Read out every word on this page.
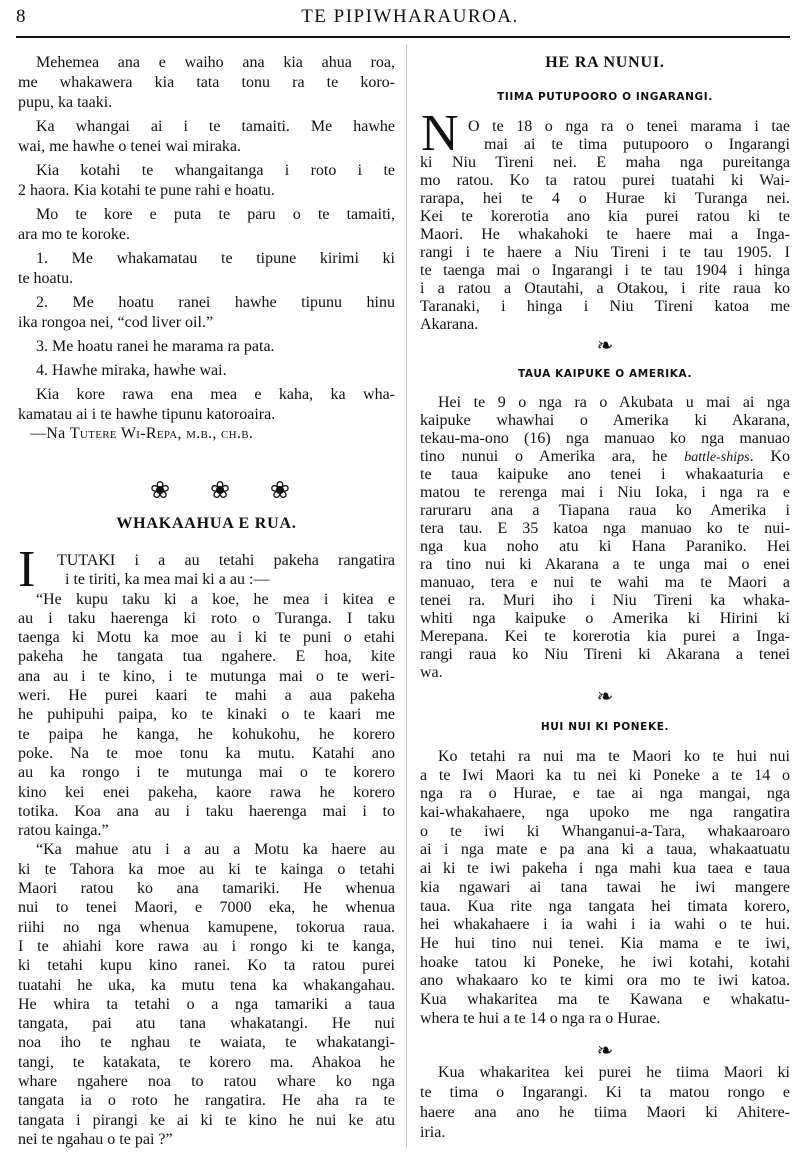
8	TE PIPIWHARAUROA.
Mehemea ana e waiho ana kia ahua roa,
me whakawera kia tata tonu ra te koro-
pupu, ka taaki.
Ka whangai ai i te tamaiti. Me hawhe
wai, me hawhe o tenei wai miraka.
Kia kotahi te whangaitanga i roto i te
2 haora. Kia kotahi te pune rahi e hoatu.
Mo te kore e puta te paru o te tamaiti,
ara mo te koroke.
1. Me whakamatau te tipune kirimi ki
te hoatu.
2. Me hoatu ranei hawhe tipunu hinu
ika rongoa nei, “cod liver oil.”
3. Me hoatu ranei he marama ra pata.
4. Hawhe miraka, hawhe wai.
Kia kore rawa ena mea e kaha, ka wha-
kamatau ai i te hawhe tipunu katoroaira.
—Na Tutere Wi-Repa, m.b., ch.b.
❀ ❀ ❀
WHAKAAHUA E RUA.
I	TUTAKI i a au tetahi pakeha rangatira
i te tiriti, ka mea mai ki a au :—
“He kupu taku ki a koe, he mea i kitea e
au i taku haerenga ki roto o Turanga. I taku
taenga ki Motu ka moe au i ki te puni o etahi
pakeha he tangata tua ngahere. E hoa, kite
ana au i te kino, i te mutunga mai o te weri-
weri. He purei kaari te mahi a aua pakeha
he puhipuhi paipa, ko te kinaki o te kaari me
te paipa he kanga, he kohukohu, he korero
poke. Na te moe tonu ka mutu. Katahi ano
au ka rongo i te mutunga mai o te korero
kino kei enei pakeha, kaore rawa he korero
totika. Koa ana au i taku haerenga mai i to
ratou kainga.”
“Ka mahue atu i a au a Motu ka haere au
ki te Tahora ka moe au ki te kainga o tetahi
Maori ratou ko ana tamariki. He whenua
nui to tenei Maori, e 7000 eka, he whenua
riihi no nga whenua kamupene, tokorua raua.
I te ahiahi kore rawa au i rongo ki te kanga,
ki tetahi kupu kino ranei. Ko ta ratou purei
tuatahi he uka, ka mutu tena ka whakangahau.
He whira ta tetahi o a nga tamariki a taua
tangata, pai atu tana whakatangi. He nui
noa iho te nghau te waiata, te whakatangi-
tangi, te katakata, te korero ma. Ahakoa he
whare ngahere noa to ratou whare ko nga
tangata ia o roto he rangatira. He aha ra te
tangata i pirangi ke ai ki te kino he nui ke atu
nei te ngahau o te pai ?”
HE RA NUNUI.
TIIMA PUTUPOORO O INGARANGI.
N O te 18 o nga ra o tenei marama i tae
mai ai te tima putupooro o Ingarangi
ki Niu Tireni nei. E maha nga pureitanga
mo ratou. Ko ta ratou purei tuatahi ki Wai-
rarapa, hei te 4 o Hurae ki Turanga nei.
Kei te korerotia ano kia purei ratou ki te
Maori. He whakahoki te haere mai a Inga-
rangi i te haere a Niu Tireni i te tau 1905. I
te taenga mai o Ingarangi i te tau 1904 i hinga
i a ratou a Otautahi, a Otakou, i rite raua ko
Taranaki, i hinga i Niu Tireni katoa me
Akarana.
❧
TAUA KAIPUKE O AMERIKA.
Hei te 9 o nga ra o Akubata u mai ai nga
kaipuke whawhai o Amerika ki Akarana,
tekau-ma-ono (16) nga manuao ko nga manuao
tino nunui o Amerika ara, he battle-ships. Ko
te taua kaipuke ano tenei i whakaaturia e
matou te rerenga mai i Niu Ioka, i nga ra e
raruraru ana a Tiapana raua ko Amerika i
tera tau. E 35 katoa nga manuao ko te nui-
nga kua noho atu ki Hana Paraniko. Hei
ra tino nui ki Akarana a te unga mai o enei
manuao, tera e nui te wahi ma te Maori a
tenei ra. Muri iho i Niu Tireni ka whaka-
whiti nga kaipuke o Amerika ki Hirini ki
Merepana. Kei te korerotia kia purei a Inga-
rangi raua ko Niu Tireni ki Akarana a tenei
wa.
❧
HUI NUI KI PONEKE.
Ko tetahi ra nui ma te Maori ko te hui nui
a te Iwi Maori ka tu nei ki Poneke a te 14 o
nga ra o Hurae, e tae ai nga mangai, nga
kai-whakahaere, nga upoko me nga rangatira
o te iwi ki Whanganui-a-Tara, whakaaroaro
ai i nga mate e pa ana ki a taua, whakaatuatu
ai ki te iwi pakeha i nga mahi kua taea e taua
kia ngawari ai tana tawai he iwi mangere
taua. Kua rite nga tangata hei timata korero,
hei whakahaere i ia wahi i ia wahi o te hui.
He hui tino nui tenei. Kia mama e te iwi,
hoake tatou ki Poneke, he iwi kotahi, kotahi
ano whakaaro ko te kimi ora mo te iwi katoa.
Kua whakaritea ma te Kawana e whakatu-
whera te hui a te 14 o nga ra o Hurae.
❧
Kua whakaritea kei purei he tiima Maori ki
te tima o Ingarangi. Ki ta matou rongo e
haere ana ano he tiima Maori ki Ahitere-
iria.
